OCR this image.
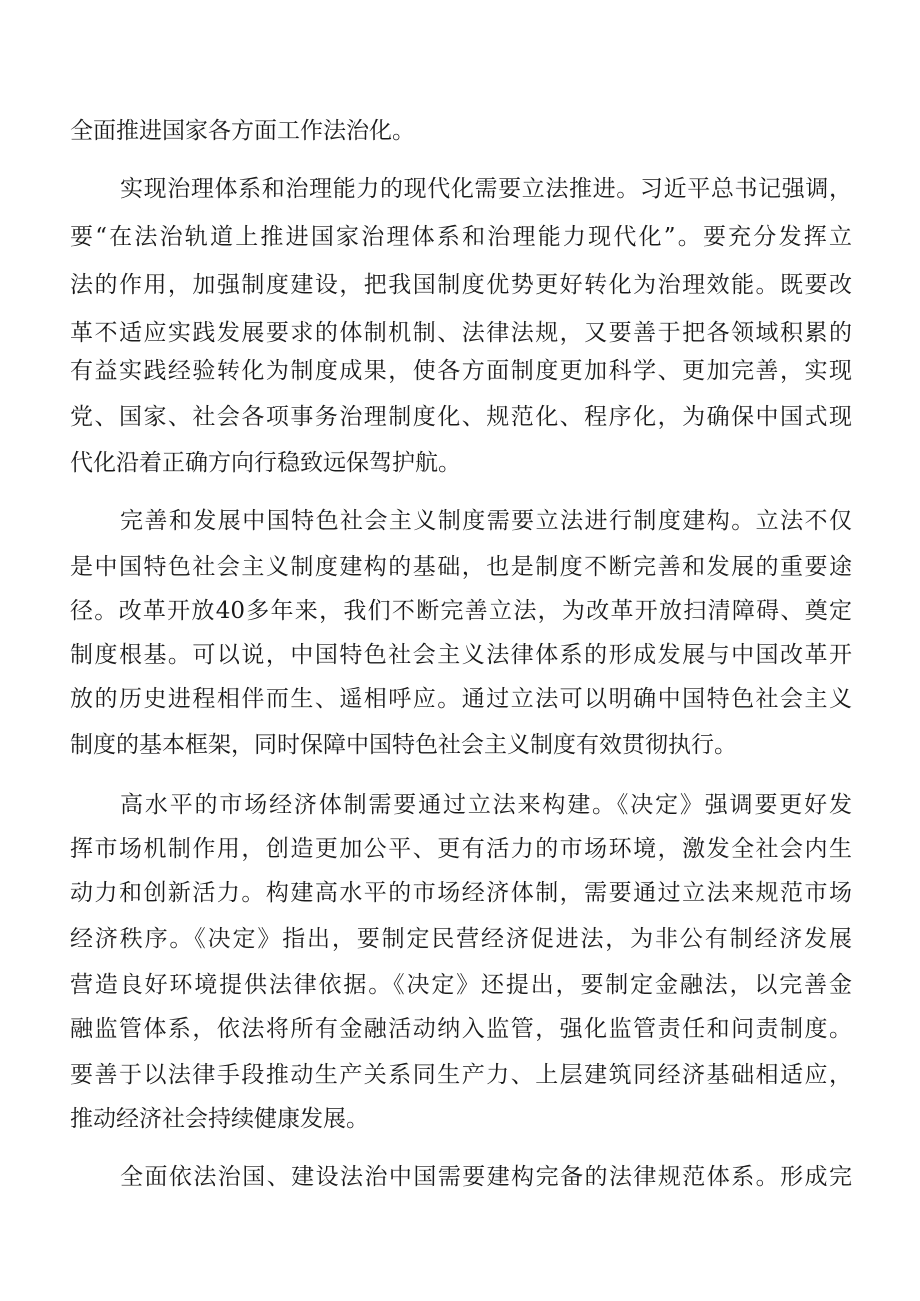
全面推进国家各方面工作法治化。

实现治理体系和治理能力的现代化需要立法推进。习近平总书记强调，

要“在法治轨道上推进国家治理体系和治理能力现代化”。要充分发挥立

法的作用，加强制度建设，把我国制度优势更好转化为治理效能。既要改

革不适应实践发展要求的体制机制、法律法规，又要善于把各领域积累的

有益实践经验转化为制度成果，使各方面制度更加科学、更加完善，实现

党、国家、社会各项事务治理制度化、规范化、程序化，为确保中国式现

代化沿着正确方向行稳致远保驾护航。

完善和发展中国特色社会主义制度需要立法进行制度建构。立法不仅

是中国特色社会主义制度建构的基础，也是制度不断完善和发展的重要途

径。改革开放40多年来，我们不断完善立法，为改革开放扫清障碍、奠定

制度根基。可以说，中国特色社会主义法律体系的形成发展与中国改革开

放的历史进程相伴而生、遥相呼应。通过立法可以明确中国特色社会主义

制度的基本框架，同时保障中国特色社会主义制度有效贯彻执行。

高水平的市场经济体制需要通过立法来构建。《决定》强调要更好发

挥市场机制作用，创造更加公平、更有活力的市场环境，激发全社会内生

动力和创新活力。构建高水平的市场经济体制，需要通过立法来规范市场

经济秩序。《决定》指出，要制定民营经济促进法，为非公有制经济发展

营造良好环境提供法律依据。《决定》还提出，要制定金融法，以完善金

融监管体系，依法将所有金融活动纳入监管，强化监管责任和问责制度。

要善于以法律手段推动生产关系同生产力、上层建筑同经济基础相适应，

推动经济社会持续健康发展。

全面依法治国、建设法治中国需要建构完备的法律规范体系。形成完
